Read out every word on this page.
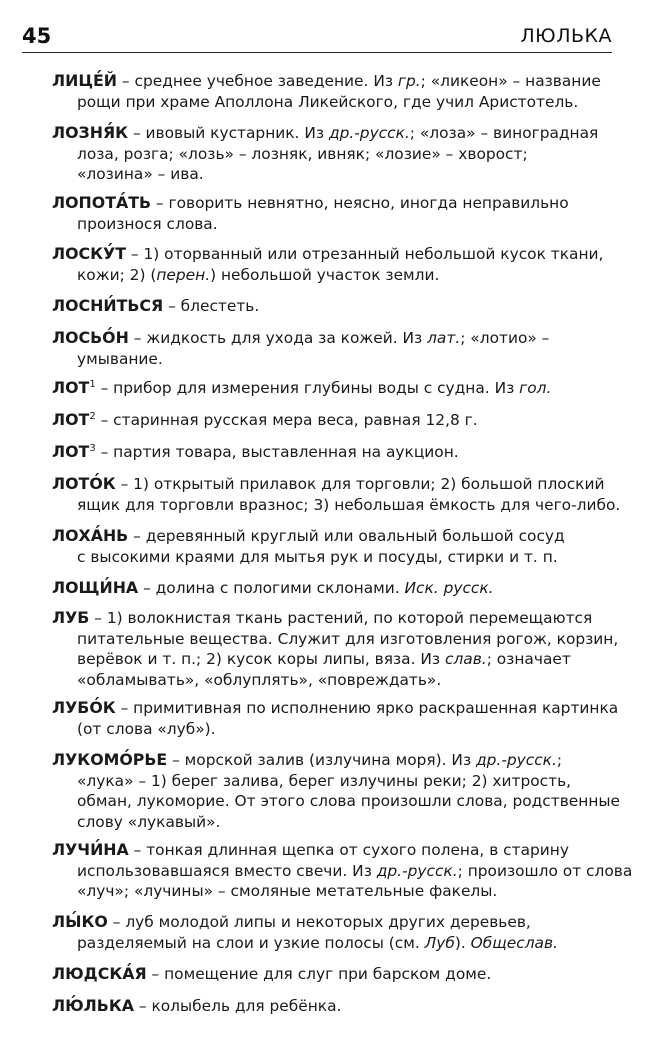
45	ЛЮЛЬКА
ЛИЦЕ́Й – среднее учебное заведение. Из гр.; «ликеон» – название
рощи при храме Аполлона Ликейского, где учил Аристотель.
ЛОЗНЯ́К – ивовый кустарник. Из др.-русск.; «лоза» – виноградная
лоза, розга; «лозь» – лозняк, ивняк; «лозие» – хворост;
«лозина» – ива.
ЛОПОТА́ТЬ – говорить невнятно, неясно, иногда неправильно
произнося слова.
ЛОСКУ́Т – 1) оторванный или отрезанный небольшой кусок ткани,
кожи; 2) (перен.) небольшой участок земли.
ЛОСНИ́ТЬСЯ – блестеть.
ЛОСЬО́Н – жидкость для ухода за кожей. Из лат.; «лотио» –
умывание.
ЛОТ$^1$ – прибор для измерения глубины воды с судна. Из гол.
ЛОТ$^2$ – старинная русская мера веса, равная 12,8 г.
ЛОТ$^3$ – партия товара, выставленная на аукцион.
ЛОТО́К – 1) открытый прилавок для торговли; 2) большой плоский
ящик для торговли вразнос; 3) небольшая ёмкость для чего-либо.
ЛОХА́НЬ – деревянный круглый или овальный большой сосуд
с высокими краями для мытья рук и посуды, стирки и т. п.
ЛОЩИ́НА – долина с пологими склонами. Иск. русск.
ЛУБ – 1) волокнистая ткань растений, по которой перемещаются
питательные вещества. Служит для изготовления рогож, корзин,
верёвок и т. п.; 2) кусок коры липы, вяза. Из слав.; означает
«обламывать», «облуплять», «повреждать».
ЛУБО́К – примитивная по исполнению ярко раскрашенная картинка
(от слова «луб»).
ЛУКОМО́РЬЕ – морской залив (излучина моря). Из др.-русск.;
«лука» – 1) берег залива, берег излучины реки; 2) хитрость,
обман, лукоморие. От этого слова произошли слова, родственные
слову «лукавый».
ЛУЧИ́НА – тонкая длинная щепка от сухого полена, в старину
использовавшаяся вместо свечи. Из др.-русск.; произошло от слова
«луч»; «лучины» – смоляные метательные факелы.
ЛЫ́КО – луб молодой липы и некоторых других деревьев,
разделяемый на слои и узкие полосы (см. Луб). Общеслав.
ЛЮДСКА́Я – помещение для слуг при барском доме.
ЛЮ́ЛЬКА – колыбель для ребёнка.
